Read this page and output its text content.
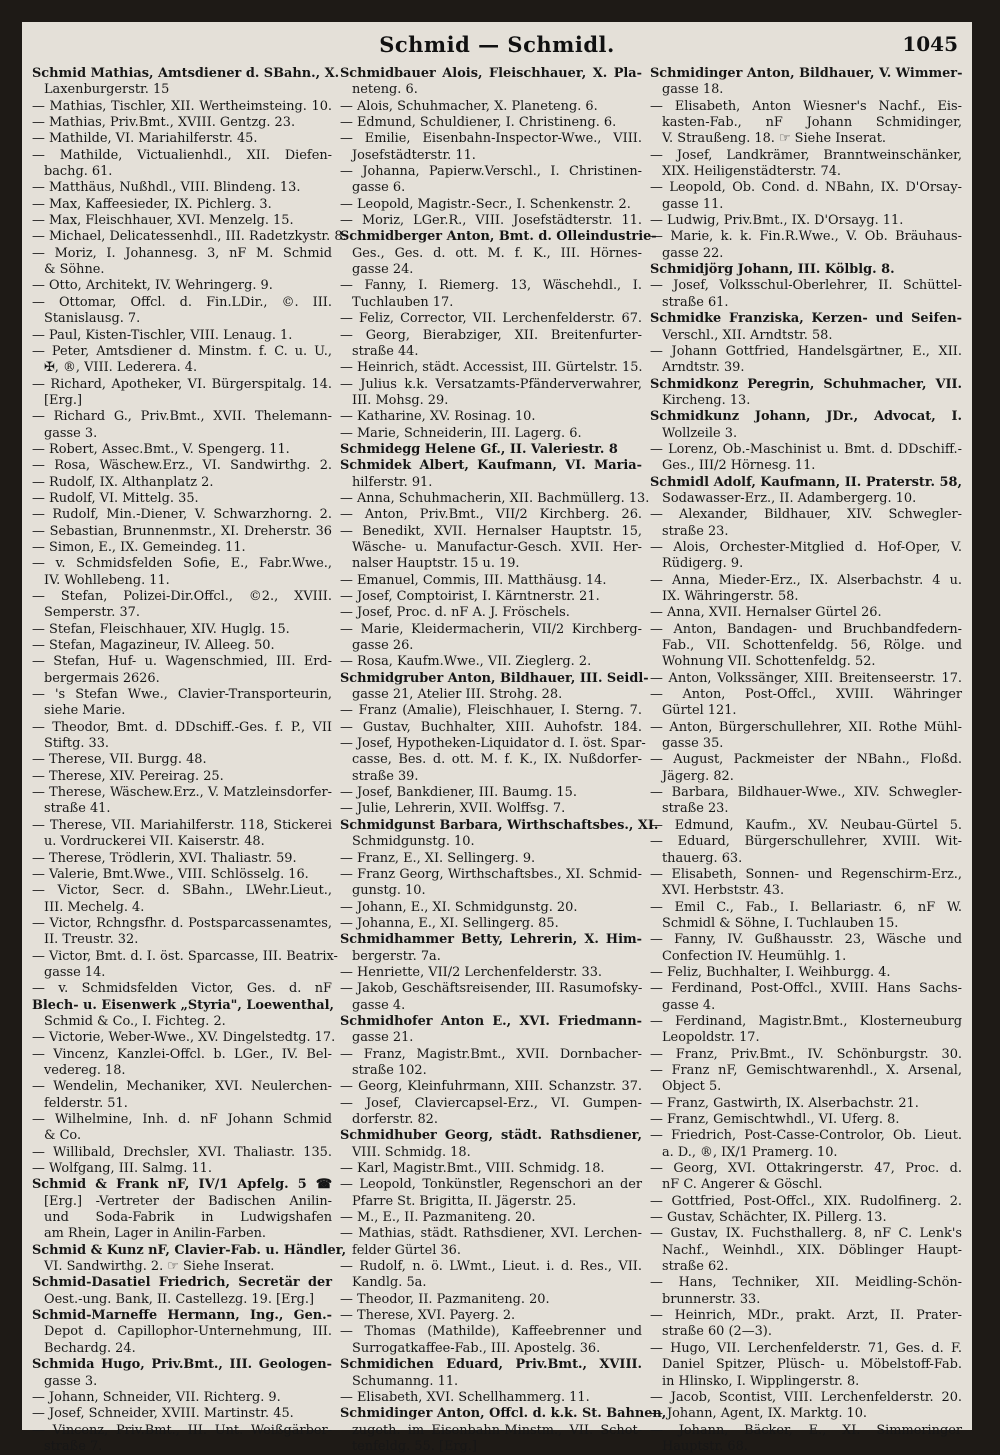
Schmid — Schmidl.	1045
Schmid Mathias, Amtsdiener d. SBahn., X.
Laxenburgerstr. 15
— Mathias, Tischler, XII. Wertheimsteing. 10.
— Mathias, Priv.Bmt., XVIII. Gentzg. 23.
— Mathilde, VI. Mariahilferstr. 45.
— Mathilde, Victualienhdl., XII. Diefen-
bachg. 61.
— Matthäus, Nußhdl., VIII. Blindeng. 13.
— Max, Kaffeesieder, IX. Pichlerg. 3.
— Max, Fleischhauer, XVI. Menzelg. 15.
— Michael, Delicatessenhdl., III. Radetzkystr. 8.
— Moriz, I. Johannesg. 3, nF M. Schmid
& Söhne.
— Otto, Architekt, IV. Wehringerg. 9.
— Ottomar, Offcl. d. Fin.LDir., ©. III.
Stanislausg. 7.
— Paul, Kisten-Tischler, VIII. Lenaug. 1.
— Peter, Amtsdiener d. Minstm. f. C. u. U.,
✠, ®, VIII. Lederera. 4.
— Richard, Apotheker, VI. Bürgerspitalg. 14.
[Erg.]
— Richard G., Priv.Bmt., XVII. Thelemann-
gasse 3.
— Robert, Assec.Bmt., V. Spengerg. 11.
— Rosa, Wäschew.Erz., VI. Sandwirthg. 2.
— Rudolf, IX. Althanplatz 2.
— Rudolf, VI. Mittelg. 35.
— Rudolf, Min.-Diener, V. Schwarzhorng. 2.
— Sebastian, Brunnenmstr., XI. Dreherstr. 36
— Simon, E., IX. Gemeindeg. 11.
— v. Schmidsfelden Sofie, E., Fabr.Wwe.,
IV. Wohllebeng. 11.
— Stefan, Polizei-Dir.Offcl., ©2., XVIII.
Semperstr. 37.
— Stefan, Fleischhauer, XIV. Huglg. 15.
— Stefan, Magazineur, IV. Alleeg. 50.
— Stefan, Huf- u. Wagenschmied, III. Erd-
bergermais 2626.
— 's Stefan Wwe., Clavier-Transporteurin,
siehe Marie.
— Theodor, Bmt. d. DDschiff.-Ges. f. P., VII
Stiftg. 33.
— Therese, VII. Burgg. 48.
— Therese, XIV. Pereirag. 25.
— Therese, Wäschew.Erz., V. Matzleinsdorfer-
straße 41.
— Therese, VII. Mariahilferstr. 118, Stickerei
u. Vordruckerei VII. Kaiserstr. 48.
— Therese, Trödlerin, XVI. Thaliastr. 59.
— Valerie, Bmt.Wwe., VIII. Schlösselg. 16.
— Victor, Secr. d. SBahn., LWehr.Lieut.,
III. Mechelg. 4.
— Victor, Rchngsfhr. d. Postsparcassenamtes,
II. Treustr. 32.
— Victor, Bmt. d. I. öst. Sparcasse, III. Beatrix-
gasse 14.
— v. Schmidsfelden Victor, Ges. d. nF
Blech- u. Eisenwerk „Styria", Loewenthal,
Schmid & Co., I. Fichteg. 2.
— Victorie, Weber-Wwe., XV. Dingelstedtg. 17.
— Vincenz, Kanzlei-Offcl. b. LGer., IV. Bel-
vedereg. 18.
— Wendelin, Mechaniker, XVI. Neulerchen-
felderstr. 51.
— Wilhelmine, Inh. d. nF Johann Schmid
& Co.
— Willibald, Drechsler, XVI. Thaliastr. 135.
— Wolfgang, III. Salmg. 11.
Schmid & Frank nF, IV/1 Apfelg. 5 ☎
[Erg.] -Vertreter der Badischen Anilin-
und Soda-Fabrik in Ludwigshafen
am Rhein, Lager in Anilin-Farben.
Schmid & Kunz nF, Clavier-Fab. u. Händler,
VI. Sandwirthg. 2. ☞ Siehe Inserat.
Schmid-Dasatiel Friedrich, Secretär der
Oest.-ung. Bank, II. Castellezg. 19. [Erg.]
Schmid-Marneffe Hermann, Ing., Gen.-
Depot d. Capillophor-Unternehmung, III.
Bechardg. 24.
Schmida Hugo, Priv.Bmt., III. Geologen-
gasse 3.
— Johann, Schneider, VII. Richterg. 9.
— Josef, Schneider, XVIII. Martinstr. 45.
— Vincenz, Priv.Bmt., III. Unt. Weißgärber-
straße 7.
Schmidbauer Alois, Fleischhauer, X. Pla-
neteng. 6.
— Alois, Schuhmacher, X. Planeteng. 6.
— Edmund, Schuldiener, I. Christineng. 6.
— Emilie, Eisenbahn-Inspector-Wwe., VIII.
Josefstädterstr. 11.
— Johanna, Papierw.Verschl., I. Christinen-
gasse 6.
— Leopold, Magistr.-Secr., I. Schenkenstr. 2.
— Moriz, LGer.R., VIII. Josefstädterstr. 11.
Schmidberger Anton, Bmt. d. Olleindustrie-
Ges., Ges. d. ott. M. f. K., III. Hörnes-
gasse 24.
— Fanny, I. Riemerg. 13, Wäschehdl., I.
Tuchlauben 17.
— Feliz, Corrector, VII. Lerchenfelderstr. 67.
— Georg, Bierabziger, XII. Breitenfurter-
straße 44.
— Heinrich, städt. Accessist, III. Gürtelstr. 15.
— Julius k.k. Versatzamts-Pfänderverwahrer,
III. Mohsg. 29.
— Katharine, XV. Rosinag. 10.
— Marie, Schneiderin, III. Lagerg. 6.
Schmidegg Helene Gf., II. Valeriestr. 8
Schmidek Albert, Kaufmann, VI. Maria-
hilferstr. 91.
— Anna, Schuhmacherin, XII. Bachmüllerg. 13.
— Anton, Priv.Bmt., VII/2 Kirchberg. 26.
— Benedikt, XVII. Hernalser Hauptstr. 15,
Wäsche- u. Manufactur-Gesch. XVII. Her-
nalser Hauptstr. 15 u. 19.
— Emanuel, Commis, III. Matthäusg. 14.
— Josef, Comptoirist, I. Kärntnerstr. 21.
— Josef, Proc. d. nF A. J. Fröschels.
— Marie, Kleidermacherin, VII/2 Kirchberg-
gasse 26.
— Rosa, Kaufm.Wwe., VII. Zieglerg. 2.
Schmidgruber Anton, Bildhauer, III. Seidl-
gasse 21, Atelier III. Strohg. 28.
— Franz (Amalie), Fleischhauer, I. Sterng. 7.
— Gustav, Buchhalter, XIII. Auhofstr. 184.
— Josef, Hypotheken-Liquidator d. I. öst. Spar-
casse, Bes. d. ott. M. f. K., IX. Nußdorfer-
straße 39.
— Josef, Bankdiener, III. Baumg. 15.
— Julie, Lehrerin, XVII. Wolffsg. 7.
Schmidgunst Barbara, Wirthschaftsbes., XI.
Schmidgunstg. 10.
— Franz, E., XI. Sellingerg. 9.
— Franz Georg, Wirthschaftsbes., XI. Schmid-
gunstg. 10.
— Johann, E., XI. Schmidgunstg. 20.
— Johanna, E., XI. Sellingerg. 85.
Schmidhammer Betty, Lehrerin, X. Him-
bergerstr. 7a.
— Henriette, VII/2 Lerchenfelderstr. 33.
— Jakob, Geschäftsreisender, III. Rasumofsky-
gasse 4.
Schmidhofer Anton E., XVI. Friedmann-
gasse 21.
— Franz, Magistr.Bmt., XVII. Dornbacher-
straße 102.
— Georg, Kleinfuhrmann, XIII. Schanzstr. 37.
— Josef, Claviercapsel-Erz., VI. Gumpen-
dorferstr. 82.
Schmidhuber Georg, städt. Rathsdiener,
VIII. Schmidg. 18.
— Karl, Magistr.Bmt., VIII. Schmidg. 18.
— Leopold, Tonkünstler, Regenschori an der
Pfarre St. Brigitta, II. Jägerstr. 25.
— M., E., II. Pazmaniteng. 20.
— Mathias, städt. Rathsdiener, XVI. Lerchen-
felder Gürtel 36.
— Rudolf, n. ö. LWmt., Lieut. i. d. Res., VII.
Kandlg. 5a.
— Theodor, II. Pazmaniteng. 20.
— Therese, XVI. Payerg. 2.
— Thomas (Mathilde), Kaffeebrenner und
Surrogatkaffee-Fab., III. Apostelg. 36.
Schmidichen Eduard, Priv.Bmt., XVIII.
Schumanng. 11.
— Elisabeth, XVI. Schellhammerg. 11.
Schmidinger Anton, Offcl. d. k.k. St. Bahnen,
zugeth. im Eisenbahn-Minstm., VII. Schot-
tenfeldg. 55. [Erg.]
Schmidinger Anton, Bildhauer, V. Wimmer-
gasse 18.
— Elisabeth, Anton Wiesner's Nachf., Eis-
kasten-Fab., nF Johann Schmidinger,
V. Straußeng. 18. ☞ Siehe Inserat.
— Josef, Landkrämer, Branntweinschänker,
XIX. Heiligenstädterstr. 74.
— Leopold, Ob. Cond. d. NBahn, IX. D'Orsay-
gasse 11.
— Ludwig, Priv.Bmt., IX. D'Orsayg. 11.
— Marie, k. k. Fin.R.Wwe., V. Ob. Bräuhaus-
gasse 22.
Schmidjörg Johann, III. Kölblg. 8.
— Josef, Volksschul-Oberlehrer, II. Schüttel-
straße 61.
Schmidke Franziska, Kerzen- und Seifen-
Verschl., XII. Arndtstr. 58.
— Johann Gottfried, Handelsgärtner, E., XII.
Arndtstr. 39.
Schmidkonz Peregrin, Schuhmacher, VII.
Kircheng. 13.
Schmidkunz Johann, JDr., Advocat, I.
Wollzeile 3.
— Lorenz, Ob.-Maschinist u. Bmt. d. DDschiff.-
Ges., III/2 Hörnesg. 11.
Schmidl Adolf, Kaufmann, II. Praterstr. 58,
Sodawasser-Erz., II. Adambergerg. 10.
— Alexander, Bildhauer, XIV. Schwegler-
straße 23.
— Alois, Orchester-Mitglied d. Hof-Oper, V.
Rüdigerg. 9.
— Anna, Mieder-Erz., IX. Alserbachstr. 4 u.
IX. Währingerstr. 58.
— Anna, XVII. Hernalser Gürtel 26.
— Anton, Bandagen- und Bruchbandfedern-
Fab., VII. Schottenfeldg. 56, Rölge. und
Wohnung VII. Schottenfeldg. 52.
— Anton, Volkssänger, XIII. Breitenseerstr. 17.
— Anton, Post-Offcl., XVIII. Währinger
Gürtel 121.
— Anton, Bürgerschullehrer, XII. Rothe Mühl-
gasse 35.
— August, Packmeister der NBahn., Floßd.
Jägerg. 82.
— Barbara, Bildhauer-Wwe., XIV. Schwegler-
straße 23.
— Edmund, Kaufm., XV. Neubau-Gürtel 5.
— Eduard, Bürgerschullehrer, XVIII. Wit-
thauerg. 63.
— Elisabeth, Sonnen- und Regenschirm-Erz.,
XVI. Herbststr. 43.
— Emil C., Fab., I. Bellariastr. 6, nF W.
Schmidl & Söhne, I. Tuchlauben 15.
— Fanny, IV. Gußhausstr. 23, Wäsche und
Confection IV. Heumühlg. 1.
— Feliz, Buchhalter, I. Weihburgg. 4.
— Ferdinand, Post-Offcl., XVIII. Hans Sachs-
gasse 4.
— Ferdinand, Magistr.Bmt., Klosterneuburg
Leopoldstr. 17.
— Franz, Priv.Bmt., IV. Schönburgstr. 30.
— Franz nF, Gemischtwarenhdl., X. Arsenal,
Object 5.
— Franz, Gastwirth, IX. Alserbachstr. 21.
— Franz, Gemischtwhdl., VI. Uferg. 8.
— Friedrich, Post-Casse-Controlor, Ob. Lieut.
a. D., ®, IX/1 Pramerg. 10.
— Georg, XVI. Ottakringerstr. 47, Proc. d.
nF C. Angerer & Göschl.
— Gottfried, Post-Offcl., XIX. Rudolfinerg. 2.
— Gustav, Schächter, IX. Pillerg. 13.
— Gustav, IX. Fuchsthallerg. 8, nF C. Lenk's
Nachf., Weinhdl., XIX. Döblinger Haupt-
straße 62.
— Hans, Techniker, XII. Meidling-Schön-
brunnerstr. 33.
— Heinrich, MDr., prakt. Arzt, II. Prater-
straße 60 (2—3).
— Hugo, VII. Lerchenfelderstr. 71, Ges. d. F.
Daniel Spitzer, Plüsch- u. Möbelstoff-Fab.
in Hlinsko, I. Wipplingerstr. 8.
— Jacob, Scontist, VIII. Lerchenfelderstr. 20.
— Johann, Agent, IX. Marktg. 10.
— Johann, Bäcker, E., XI. Simmeringer
Hauptstr. 68.
